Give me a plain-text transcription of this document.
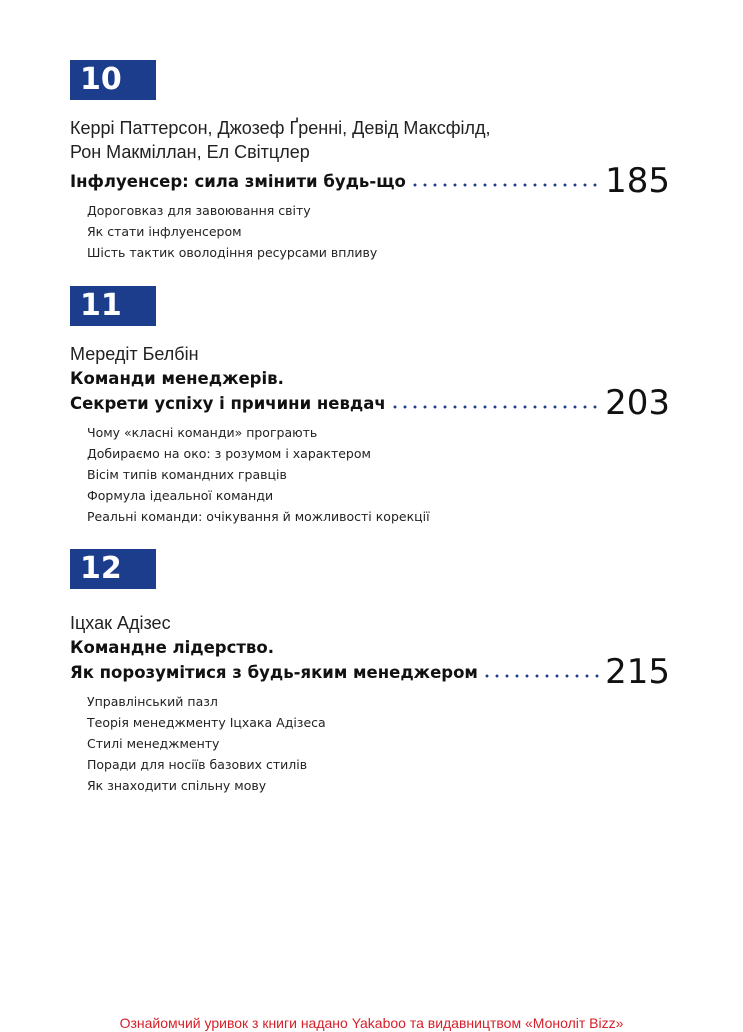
10
Керрі Паттерсон, Джозеф Ґренні, Девід Максфілд,
Рон Макміллан, Ел Світцлер
Інфлуенсер: сила змінити будь-що	185
Дороговказ для завоювання світу
Як стати інфлуенсером
Шість тактик оволодіння ресурсами впливу
11
Мередіт Белбін
Команди менеджерів.
Секрети успіху і причини невдач	203
Чому «класні команди» програють
Добираємо на око: з розумом і характером
Вісім типів командних гравців
Формула ідеальної команди
Реальні команди: очікування й можливості корекції
12
Іцхак Адізес
Командне лідерство.
Як порозумітися з будь-яким менеджером	215
Управлінський пазл
Теорія менеджменту Іцхака Адізеса
Стилі менеджменту
Поради для носіїв базових стилів
Як знаходити спільну мову
Ознайомчий уривок з книги надано Yakaboo та видавництвом «Моноліт Bizz»
